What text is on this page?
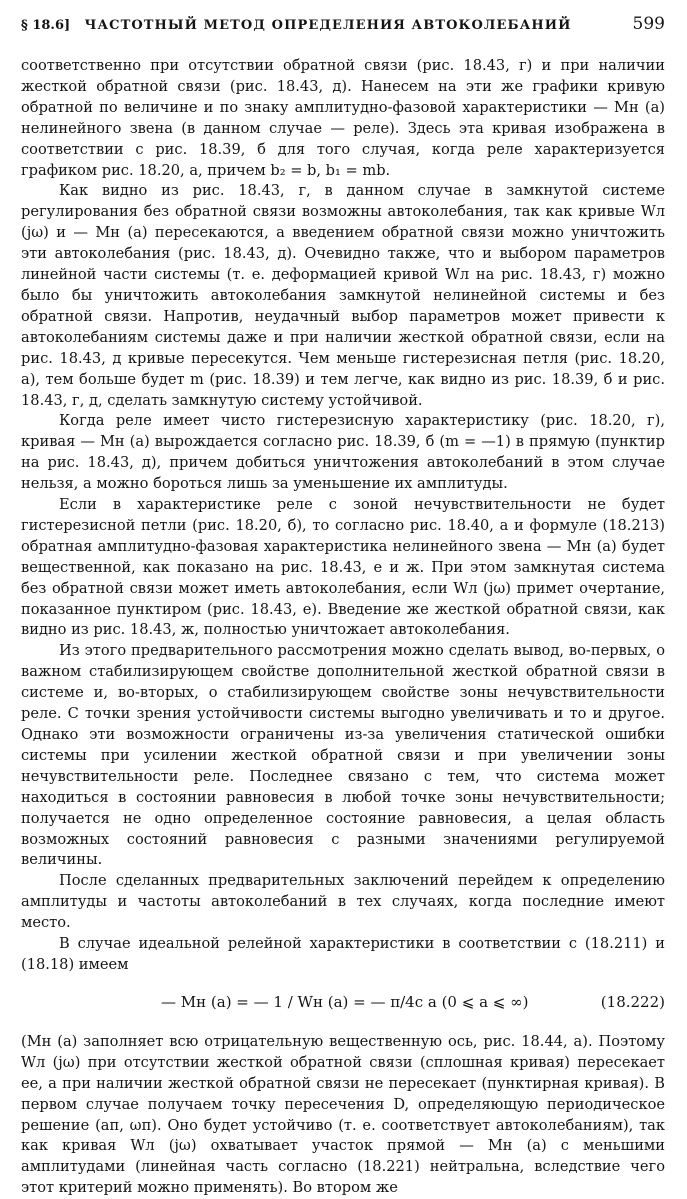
§ 18.6]	ЧАСТОТНЫЙ МЕТОД ОПРЕДЕЛЕНИЯ АВТОКОЛЕБАНИЙ	599

соответственно при отсутствии обратной связи (рис. 18.43, г) и при наличии жесткой обратной связи (рис. 18.43, д). Нанесем на эти же графики кривую обратной по величине и по знаку амплитудно-фазовой характеристики — Mн (a) нелинейного звена (в данном случае — реле). Здесь эта кривая изображена в соответствии с рис. 18.39, б для того случая, когда реле характеризуется графиком рис. 18.20, а, причем b₂ = b, b₁ = mb.

Как видно из рис. 18.43, г, в данном случае в замкнутой системе регулирования без обратной связи возможны автоколебания, так как кривые Wл (jω) и — Mн (a) пересекаются, а введением обратной связи можно уничтожить эти автоколебания (рис. 18.43, д). Очевидно также, что и выбором параметров линейной части системы (т. е. деформацией кривой Wл на рис. 18.43, г) можно было бы уничтожить автоколебания замкнутой нелинейной системы и без обратной связи. Напротив, неудачный выбор параметров может привести к автоколебаниям системы даже и при наличии жесткой обратной связи, если на рис. 18.43, д кривые пересекутся. Чем меньше гистерезисная петля (рис. 18.20, а), тем больше будет m (рис. 18.39) и тем легче, как видно из рис. 18.39, б и рис. 18.43, г, д, сделать замкнутую систему устойчивой.

Когда реле имеет чисто гистерезисную характеристику (рис. 18.20, г), кривая — Mн (a) вырождается согласно рис. 18.39, б (m = —1) в прямую (пунктир на рис. 18.43, д), причем добиться уничтожения автоколебаний в этом случае нельзя, а можно бороться лишь за уменьшение их амплитуды.

Если в характеристике реле с зоной нечувствительности не будет гистерезисной петли (рис. 18.20, б), то согласно рис. 18.40, а и формуле (18.213) обратная амплитудно-фазовая характеристика нелинейного звена — Mн (a) будет вещественной, как показано на рис. 18.43, е и ж. При этом замкнутая система без обратной связи может иметь автоколебания, если Wл (jω) примет очертание, показанное пунктиром (рис. 18.43, е). Введение же жесткой обратной связи, как видно из рис. 18.43, ж, полностью уничтожает автоколебания.

Из этого предварительного рассмотрения можно сделать вывод, во-первых, о важном стабилизирующем свойстве дополнительной жесткой обратной связи в системе и, во-вторых, о стабилизирующем свойстве зоны нечувствительности реле. С точки зрения устойчивости системы выгодно увеличивать и то и другое. Однако эти возможности ограничены из-за увеличения статической ошибки системы при усилении жесткой обратной связи и при увеличении зоны нечувствительности реле. Последнее связано с тем, что система может находиться в состоянии равновесия в любой точке зоны нечувствительности; получается не одно определенное состояние равновесия, а целая область возможных состояний равновесия с разными значениями регулируемой величины.

После сделанных предварительных заключений перейдем к определению амплитуды и частоты автоколебаний в тех случаях, когда последние имеют место.

В случае идеальной релейной характеристики в соответствии с (18.211) и (18.18) имеем

— Mн (a) = — 1 / Wн (a) = — π/4c a (0 ⩽ a ⩽ ∞)	(18.222)

(Mн (a) заполняет всю отрицательную вещественную ось, рис. 18.44, а). Поэтому Wл (jω) при отсутствии жесткой обратной связи (сплошная кривая) пересекает ее, а при наличии жесткой обратной связи не пересекает (пунктирная кривая). В первом случае получаем точку пересечения D, определяющую периодическое решение (aп, ωп). Оно будет устойчиво (т. е. соответствует автоколебаниям), так как кривая Wл (jω) охватывает участок прямой — Mн (a) с меньшими амплитудами (линейная часть согласно (18.221) нейтральна, вследствие чего этот критерий можно применять). Во втором же
